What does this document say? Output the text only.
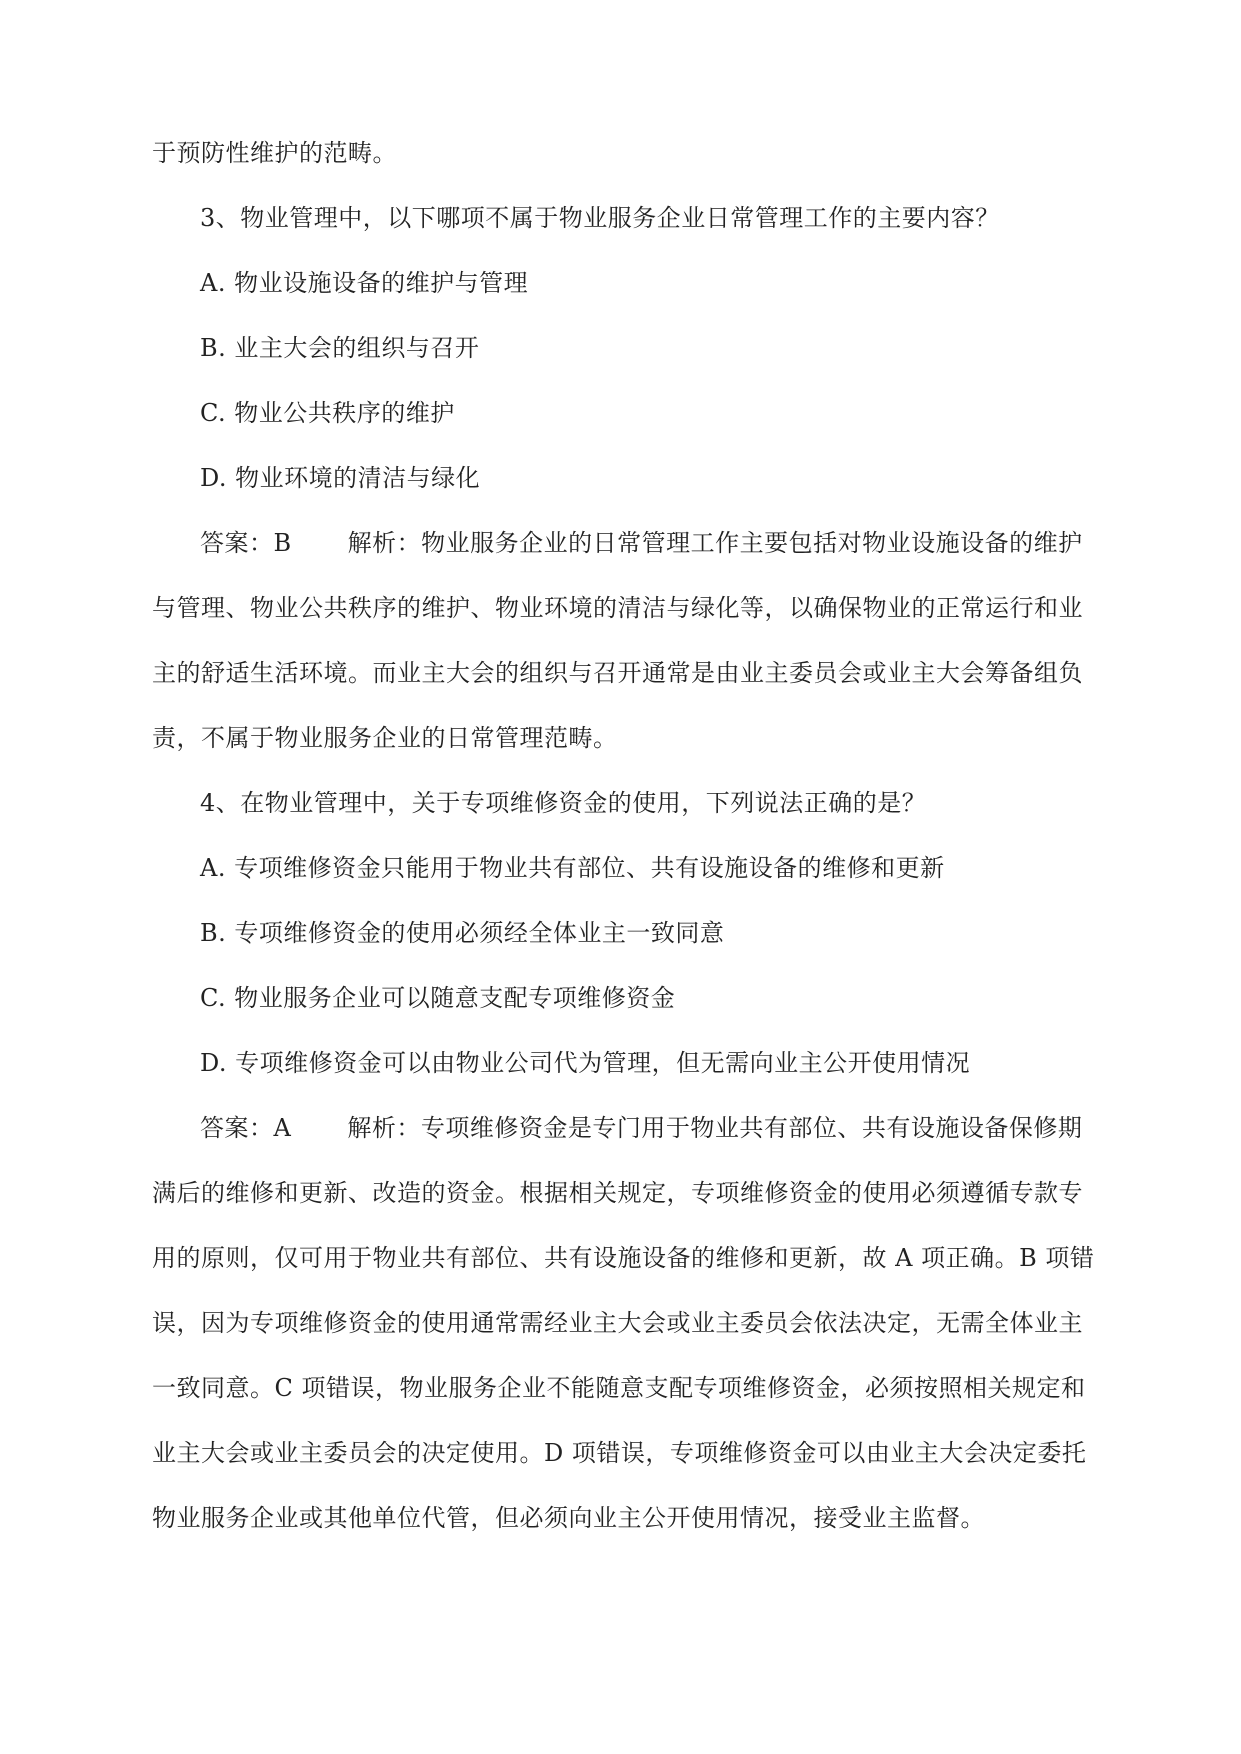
于预防性维护的范畴。
3、物业管理中，以下哪项不属于物业服务企业日常管理工作的主要内容？
A. 物业设施设备的维护与管理
B. 业主大会的组织与召开
C. 物业公共秩序的维护
D. 物业环境的清洁与绿化
答案：B 解析：物业服务企业的日常管理工作主要包括对物业设施设备的维护
与管理、物业公共秩序的维护、物业环境的清洁与绿化等，以确保物业的正常运行和业
主的舒适生活环境。而业主大会的组织与召开通常是由业主委员会或业主大会筹备组负
责，不属于物业服务企业的日常管理范畴。
4、在物业管理中，关于专项维修资金的使用，下列说法正确的是？
A. 专项维修资金只能用于物业共有部位、共有设施设备的维修和更新
B. 专项维修资金的使用必须经全体业主一致同意
C. 物业服务企业可以随意支配专项维修资金
D. 专项维修资金可以由物业公司代为管理，但无需向业主公开使用情况
答案：A 解析：专项维修资金是专门用于物业共有部位、共有设施设备保修期
满后的维修和更新、改造的资金。根据相关规定，专项维修资金的使用必须遵循专款专
用的原则，仅可用于物业共有部位、共有设施设备的维修和更新，故 A 项正确。B 项错
误，因为专项维修资金的使用通常需经业主大会或业主委员会依法决定，无需全体业主
一致同意。C 项错误，物业服务企业不能随意支配专项维修资金，必须按照相关规定和
业主大会或业主委员会的决定使用。D 项错误，专项维修资金可以由业主大会决定委托
物业服务企业或其他单位代管，但必须向业主公开使用情况，接受业主监督。
